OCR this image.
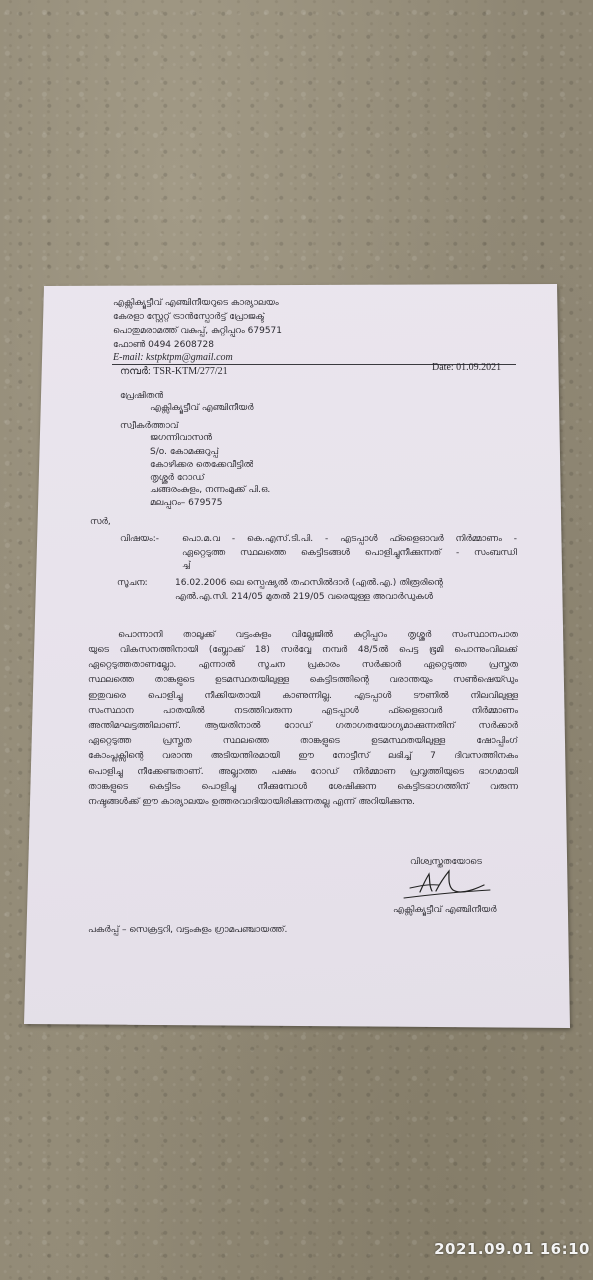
എക്സിക്യൂട്ടീവ് എഞ്ചിനീയറുടെ കാര്യാലയം
കേരളാ സ്റ്റേറ്റ് ട്രാൻസ്പോർട്ട് പ്രോജക്ട്
പൊതുമരാമത്ത് വകുപ്പ്, കുറ്റിപ്പുറം 679571
ഫോൺ 0494 2608728
E-mail: kstpktpm@gmail.com
നമ്പർ: TSR-KTM/277/21	Date: 01.09.2021
പ്രേഷിതൻ
എക്സിക്യൂട്ടീവ് എഞ്ചിനീയർ
സ്വീകർത്താവ്
ജഗന്നിവാസൻ
S/o. കോമക്കുറുപ്പ്
കോഴിക്കര തെക്കേവീട്ടിൽ
തൃശ്ശൂർ റോഡ്
ചങ്ങരംകുളം, നന്നംമുക്ക് പി.ഒ.
മലപ്പുറം– 679575
സർ,
വിഷയം:-	പൊ.മ.വ - കെ.എസ്.ടി.പി. - എടപ്പാൾ ഫ്ളൈഓവർ നിർമ്മാണം -
ഏറ്റെടുത്ത സ്ഥലത്തെ കെട്ടിടങ്ങൾ പൊളിച്ചുനീക്കുന്നത് - സംബന്ധി
ച്ച്
സൂചന:	16.02.2006 ലെ സ്പെഷ്യൽ തഹസിൽദാർ (എൽ.എ.) തിരൂരിന്റെ
എൽ.എ.സി. 214/05 മുതൽ 219/05 വരെയുള്ള അവാർഡുകൾ
പൊന്നാനി താലൂക്ക് വട്ടംകുളം വില്ലേജിൽ കുറ്റിപ്പുറം തൃശ്ശൂർ സംസ്ഥാനപാത
യുടെ വികസനത്തിനായി (ബ്ലോക്ക് 18) സർവ്വേ നമ്പർ 48/5ൽ പെട്ട ഭൂമി പൊന്നുംവിലക്ക്
ഏറ്റെടുത്തതാണല്ലോ. എന്നാൽ സൂചന പ്രകാരം സർക്കാർ ഏറ്റെടുത്ത പ്രസ്തുത
സ്ഥലത്തെ താങ്കളുടെ ഉടമസ്ഥതയിലുള്ള കെട്ടിടത്തിന്റെ വരാന്തയും സൺഷെയ്ഡും
ഇതുവരെ പൊളിച്ചു നീക്കിയതായി കാണുന്നില്ല. എടപ്പാൾ ടൗണിൽ നിലവിലുള്ള
സംസ്ഥാന പാതയിൽ നടത്തിവരുന്ന എടപ്പാൾ ഫ്ളൈഓവർ നിർമ്മാണം
അന്തിമഘട്ടത്തിലാണ്. ആയതിനാൽ റോഡ് ഗതാഗതയോഗ്യമാക്കുന്നതിന് സർക്കാർ
ഏറ്റെടുത്ത പ്രസ്തുത സ്ഥലത്തെ താങ്കളുടെ ഉടമസ്ഥതയിലുള്ള ഷോപ്പിംഗ്
കോംപ്ലക്സിന്റെ വരാന്ത അടിയന്തിരമായി ഈ നോട്ടീസ് ലഭിച്ച് 7 ദിവസത്തിനകം
പൊളിച്ചു നീക്കേണ്ടതാണ്. അല്ലാത്ത പക്ഷം റോഡ് നിർമ്മാണ പ്രവൃത്തിയുടെ ഭാഗമായി
താങ്കളുടെ കെട്ടിടം പൊളിച്ചു നീക്കുമ്പോൾ ശേഷിക്കുന്ന കെട്ടിടഭാഗത്തിന് വരുന്ന
നഷ്ടങ്ങൾക്ക് ഈ കാര്യാലയം ഉത്തരവാദിയായിരിക്കുന്നതല്ല എന്ന് അറിയിക്കുന്നു.
വിശ്വസ്തതയോടെ
എക്സിക്യൂട്ടീവ് എഞ്ചിനീയർ
പകർപ്പ് – സെക്രട്ടറി, വട്ടംകുളം ഗ്രാമപഞ്ചായത്ത്.
2021.09.01 16:10
